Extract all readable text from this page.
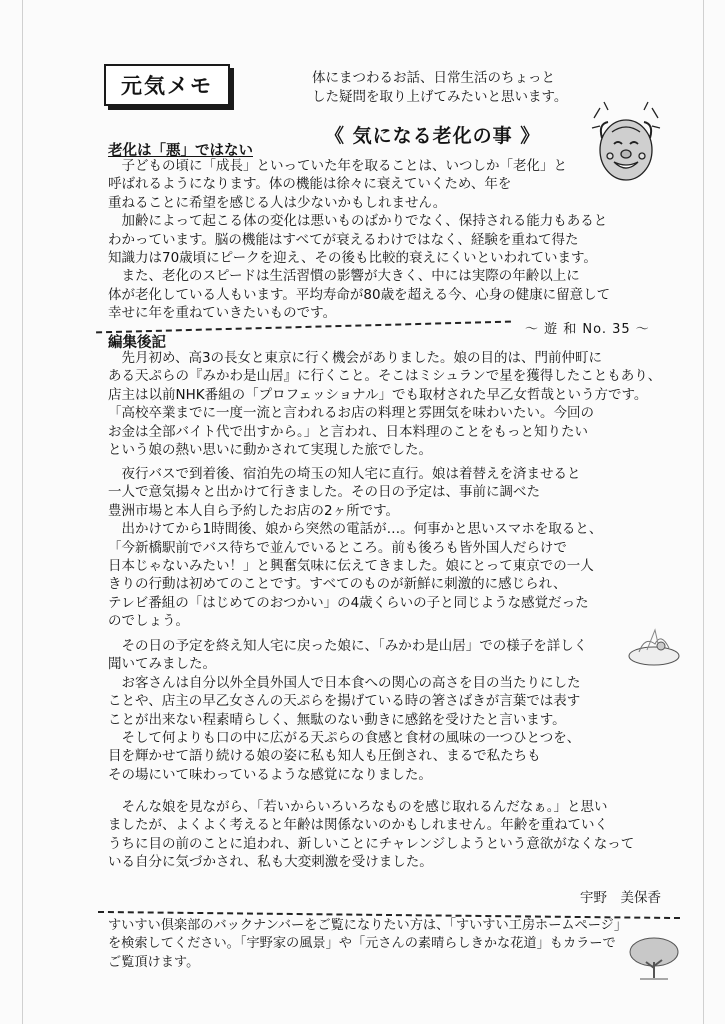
元気メモ	体にまつわるお話、日常生活のちょっと
した疑問を取り上げてみたいと思います。
《 気になる老化の事 》
老化は「悪」ではない
　子どもの頃に「成長」といっていた年を取ることは、いつしか「老化」と
呼ばれるようになります。体の機能は徐々に衰えていくため、年を
重ねることに希望を感じる人は少ないかもしれません。
　加齢によって起こる体の変化は悪いものばかりでなく、保持される能力もあると
わかっています。脳の機能はすべてが衰えるわけではなく、経験を重ねて得た
知識力は70歳頃にピークを迎え、その後も比較的衰えにくいといわれています。
　また、老化のスピードは生活習慣の影響が大きく、中には実際の年齢以上に
体が老化している人もいます。平均寿命が80歳を超える今、心身の健康に留意して
幸せに年を重ねていきたいものです。
～ 遊 和 No. 35 ～
編集後記
　先月初め、高3の長女と東京に行く機会がありました。娘の目的は、門前仲町に
ある天ぷらの『みかわ是山居』に行くこと。そこはミシュランで星を獲得したこともあり、
店主は以前NHK番組の「プロフェッショナル」でも取材された早乙女哲哉という方です。
「高校卒業までに一度一流と言われるお店の料理と雰囲気を味わいたい。今回の
お金は全部バイト代で出すから。」と言われ、日本料理のことをもっと知りたい
という娘の熱い思いに動かされて実現した旅でした。
　夜行バスで到着後、宿泊先の埼玉の知人宅に直行。娘は着替えを済ませると
一人で意気揚々と出かけて行きました。その日の予定は、事前に調べた
豊洲市場と本人自ら予約したお店の2ヶ所です。
　出かけてから1時間後、娘から突然の電話が…。何事かと思いスマホを取ると、
「今新橋駅前でバス待ちで並んでいるところ。前も後ろも皆外国人だらけで
日本じゃないみたい！」と興奮気味に伝えてきました。娘にとって東京での一人
きりの行動は初めてのことです。すべてのものが新鮮に刺激的に感じられ、
テレビ番組の「はじめてのおつかい」の4歳くらいの子と同じような感覚だった
のでしょう。
　その日の予定を終え知人宅に戻った娘に、「みかわ是山居」での様子を詳しく
聞いてみました。
　お客さんは自分以外全員外国人で日本食への関心の高さを目の当たりにした
ことや、店主の早乙女さんの天ぷらを揚げている時の箸さばきが言葉では表す
ことが出来ない程素晴らしく、無駄のない動きに感銘を受けたと言います。
　そして何よりも口の中に広がる天ぷらの食感と食材の風味の一つひとつを、
目を輝かせて語り続ける娘の姿に私も知人も圧倒され、まるで私たちも
その場にいて味わっているような感覚になりました。
　そんな娘を見ながら、「若いからいろいろなものを感じ取れるんだなぁ。」と思い
ましたが、よくよく考えると年齢は関係ないのかもしれません。年齢を重ねていく
うちに目の前のことに追われ、新しいことにチャレンジしようという意欲がなくなって
いる自分に気づかされ、私も大変刺激を受けました。
宇野　美保香
すいすい倶楽部のバックナンバーをご覧になりたい方は、「すいすい工房ホームページ」
を検索してください。「宇野家の風景」や「元さんの素晴らしきかな花道」もカラーで
ご覧頂けます。
